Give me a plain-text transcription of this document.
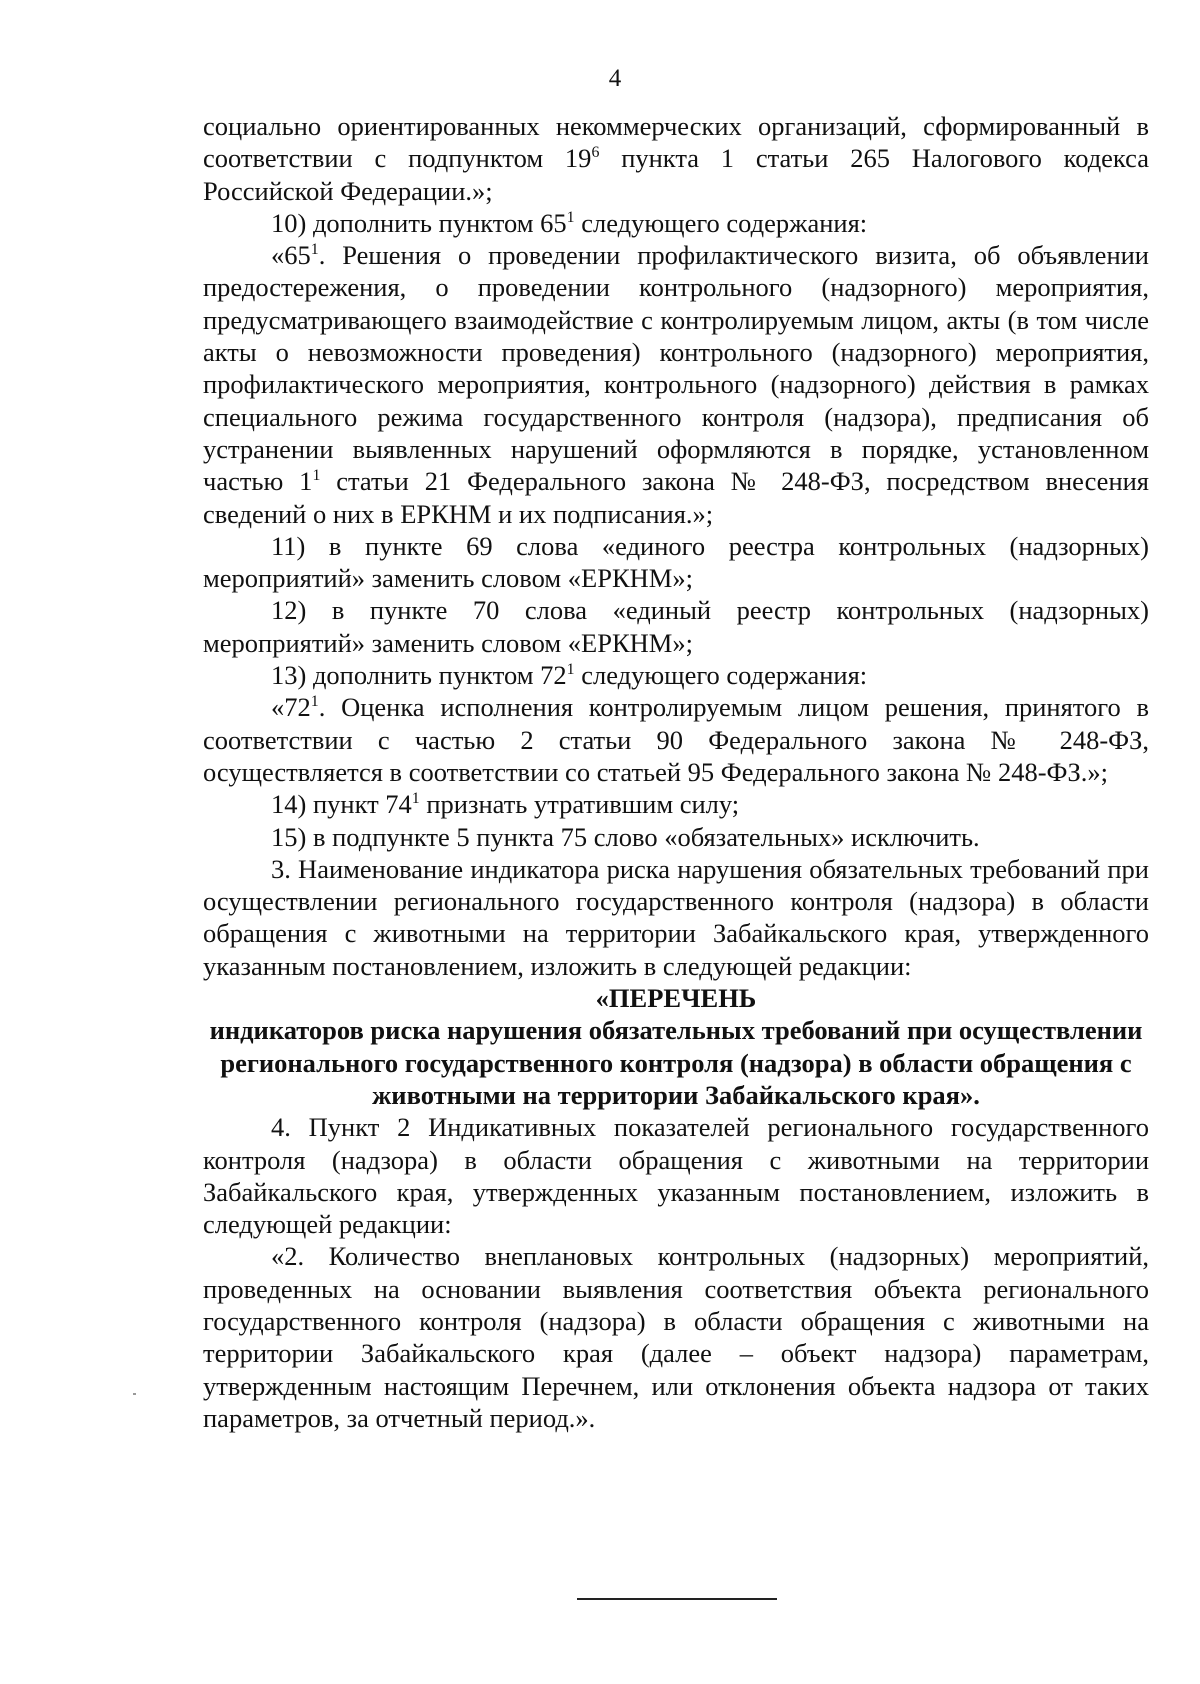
4

социально ориентированных некоммерческих организаций, сформированный в соответствии с подпунктом $19^6$ пункта 1 статьи 265 Налогового кодекса Российской Федерации.»;

10) дополнить пунктом $65^1$ следующего содержания:

«$65^1$. Решения о проведении профилактического визита, об объявлении предостережения, о проведении контрольного (надзорного) мероприятия, предусматривающего взаимодействие с контролируемым лицом, акты (в том числе акты о невозможности проведения) контрольного (надзорного) мероприятия, профилактического мероприятия, контрольного (надзорного) действия в рамках специального режима государственного контроля (надзора), предписания об устранении выявленных нарушений оформляются в порядке, установленном частью $1^1$ статьи 21 Федерального закона № 248-ФЗ, посредством внесения сведений о них в ЕРКНМ и их подписания.»;

11) в пункте 69 слова «единого реестра контрольных (надзорных) мероприятий» заменить словом «ЕРКНМ»;

12) в пункте 70 слова «единый реестр контрольных (надзорных) мероприятий» заменить словом «ЕРКНМ»;

13) дополнить пунктом $72^1$ следующего содержания:

«$72^1$. Оценка исполнения контролируемым лицом решения, принятого в соответствии с частью 2 статьи 90 Федерального закона № 248-ФЗ, осуществляется в соответствии со статьей 95 Федерального закона № 248-ФЗ.»;

14) пункт $74^1$ признать утратившим силу;

15) в подпункте 5 пункта 75 слово «обязательных» исключить.

3. Наименование индикатора риска нарушения обязательных требований при осуществлении регионального государственного контроля (надзора) в области обращения с животными на территории Забайкальского края, утвержденного указанным постановлением, изложить в следующей редакции:

«ПЕРЕЧЕНЬ

индикаторов риска нарушения обязательных требований при осуществлении регионального государственного контроля (надзора) в области обращения с животными на территории Забайкальского края».

4. Пункт 2 Индикативных показателей регионального государственного контроля (надзора) в области обращения с животными на территории Забайкальского края, утвержденных указанным постановлением, изложить в следующей редакции:

«2. Количество внеплановых контрольных (надзорных) мероприятий, проведенных на основании выявления соответствия объекта регионального государственного контроля (надзора) в области обращения с животными на территории Забайкальского края (далее – объект надзора) параметрам, утвержденным настоящим Перечнем, или отклонения объекта надзора от таких параметров, за отчетный период.».
